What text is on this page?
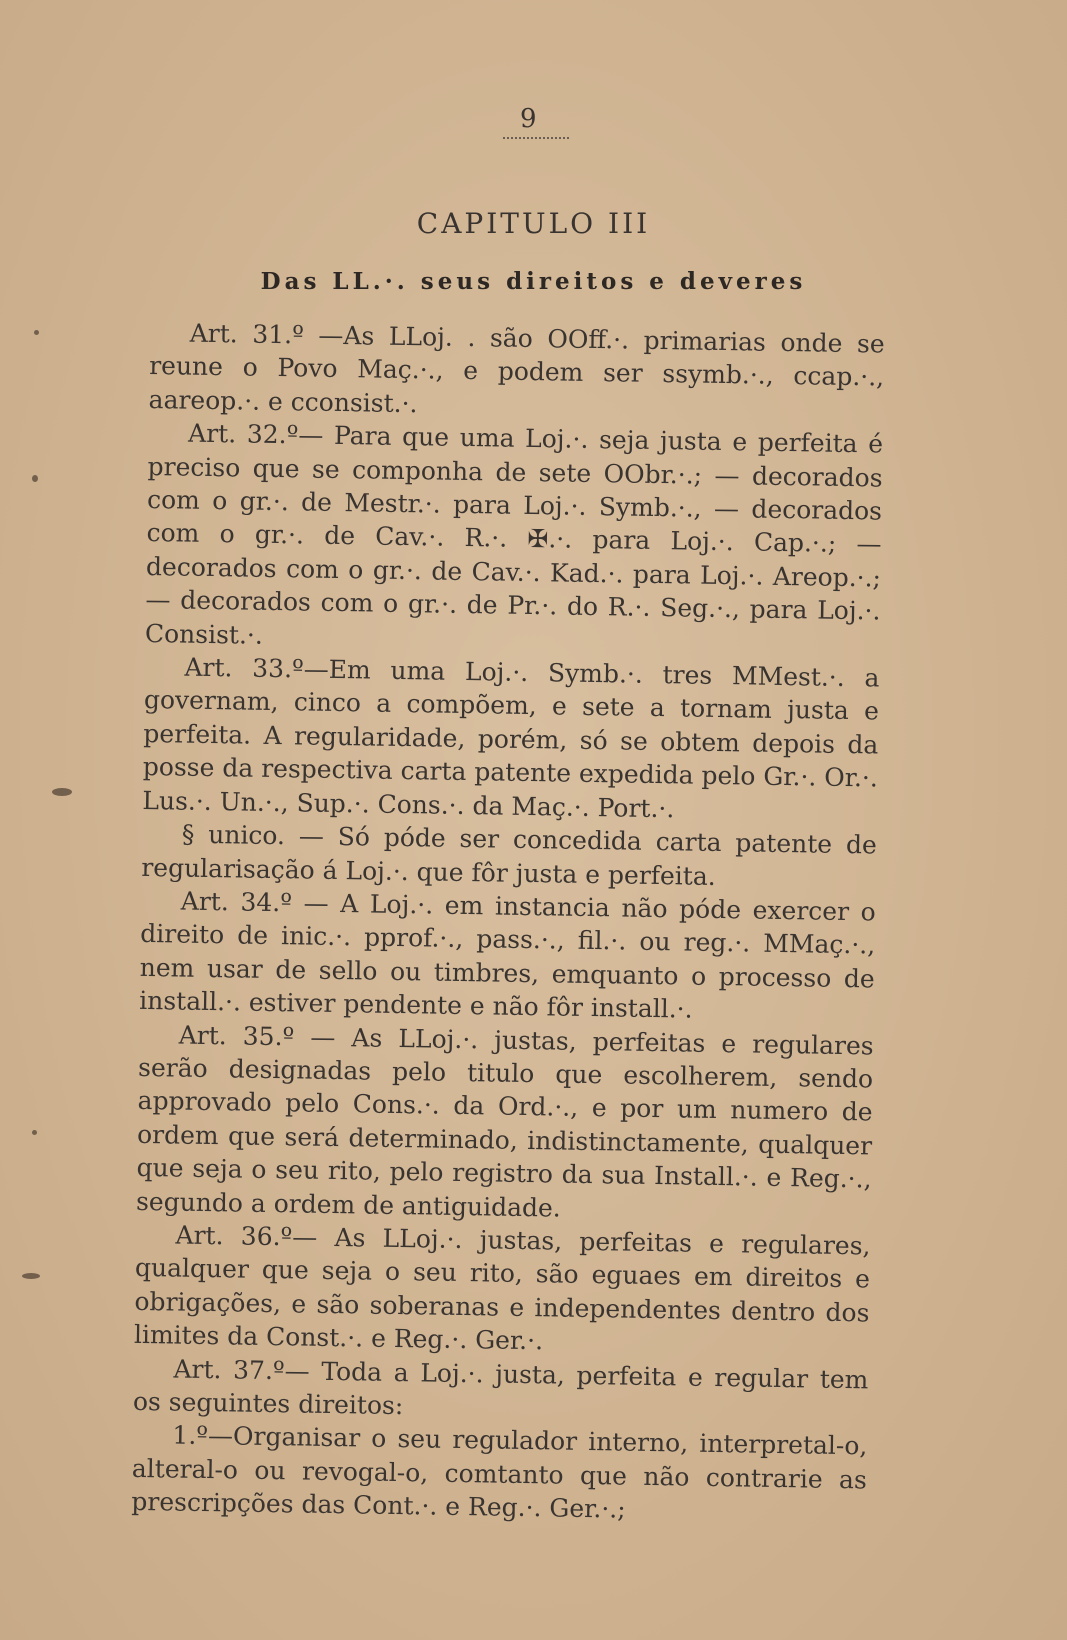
9
CAPITULO III
Das LL.·. seus direitos e deveres

Art. 31.º —As LLoj. . são OOff.·. primarias onde se reune o Povo Maç.·., e podem ser ssymb.·., ccap.·., aareop.·. e cconsist.·.

Art. 32.º— Para que uma Loj.·. seja justa e perfeita é preciso que se componha de sete OObr.·.; — decorados com o gr.·. de Mestr.·. para Loj.·. Symb.·., — decorados com o gr.·. de Cav.·. R.·. ✠.·. para Loj.·. Cap.·.; — decorados com o gr.·. de Cav.·. Kad.·. para Loj.·. Areop.·.;— decorados com o gr.·. de Pr.·. do R.·. Seg.·., para Loj.·. Consist.·.

Art. 33.º—Em uma Loj.·. Symb.·. tres MMest.·. a governam, cinco a compõem, e sete a tornam justa e perfeita. A regularidade, porém, só se obtem depois da posse da respectiva carta patente expedida pelo Gr.·. Or.·. Lus.·. Un.·., Sup.·. Cons.·. da Maç.·. Port.·.

§ unico. — Só póde ser concedida carta patente de regularisação á Loj.·. que fôr justa e perfeita.

Art. 34.º — A Loj.·. em instancia não póde exercer o direito de inic.·. pprof.·., pass.·., fil.·. ou reg.·. MMaç.·., nem usar de sello ou timbres, emquanto o processo de install.·. estiver pendente e não fôr install.·.

Art. 35.º — As LLoj.·. justas, perfeitas e regulares serão designadas pelo titulo que escolherem, sendo approvado pelo Cons.·. da Ord.·., e por um numero de ordem que será determinado, indistinctamente, qualquer que seja o seu rito, pelo registro da sua Install.·. e Reg.·., segundo a ordem de antiguidade.

Art. 36.º— As LLoj.·. justas, perfeitas e regulares, qualquer que seja o seu rito, são eguaes em direitos e obrigações, e são soberanas e independentes dentro dos limites da Const.·. e Reg.·. Ger.·.

Art. 37.º— Toda a Loj.·. justa, perfeita e regular tem os seguintes direitos:

1.º—Organisar o seu regulador interno, interpretal-o, alteral-o ou revogal-o, comtanto que não contrarie as prescripções das Cont.·. e Reg.·. Ger.·.;
